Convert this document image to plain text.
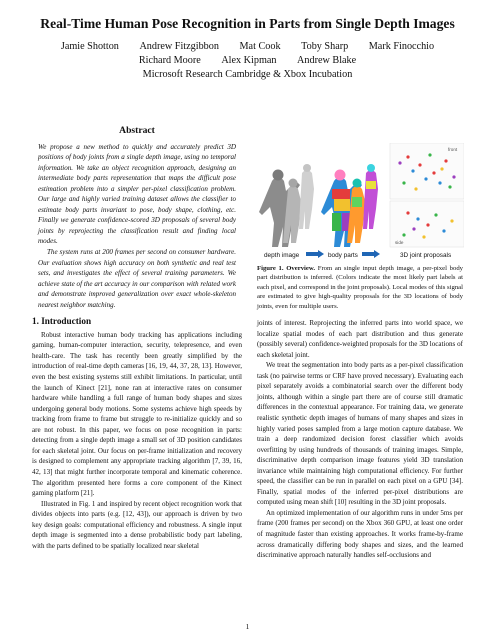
Real-Time Human Pose Recognition in Parts from Single Depth Images
Jamie Shotton Andrew Fitzgibbon Mat Cook Toby Sharp Mark Finocchio
Richard Moore Alex Kipman Andrew Blake
Microsoft Research Cambridge & Xbox Incubation
Abstract

We propose a new method to quickly and accurately predict 3D positions of body joints from a single depth image, using no temporal information. We take an object recognition approach, designing an intermediate body parts representation that maps the difficult pose estimation problem into a simpler per-pixel classification problem. Our large and highly varied training dataset allows the classifier to estimate body parts invariant to pose, body shape, clothing, etc. Finally we generate confidence-scored 3D proposals of several body joints by reprojecting the classification result and finding local modes.

The system runs at 200 frames per second on consumer hardware. Our evaluation shows high accuracy on both synthetic and real test sets, and investigates the effect of several training parameters. We achieve state of the art accuracy in our comparison with related work and demonstrate improved generalization over exact whole-skeleton nearest neighbor matching.

1. Introduction

Robust interactive human body tracking has applications including gaming, human-computer interaction, security, telepresence, and even health-care. The task has recently been greatly simplified by the introduction of real-time depth cameras [16, 19, 44, 37, 28, 13]. However, even the best existing systems still exhibit limitations. In particular, until the launch of Kinect [21], none ran at interactive rates on consumer hardware while handling a full range of human body shapes and sizes undergoing general body motions. Some systems achieve high speeds by tracking from frame to frame but struggle to re-initialize quickly and so are not robust. In this paper, we focus on pose recognition in parts: detecting from a single depth image a small set of 3D position candidates for each skeletal joint. Our focus on per-frame initialization and recovery is designed to complement any appropriate tracking algorithm [7, 39, 16, 42, 13] that might further incorporate temporal and kinematic coherence. The algorithm presented here forms a core component of the Kinect gaming platform [21].

Illustrated in Fig. 1 and inspired by recent object recognition work that divides objects into parts (e.g. [12, 43]), our approach is driven by two key design goals: computational efficiency and robustness. A single input depth image is segmented into a dense probabilistic body part labeling, with the parts defined to be spatially localized near skeletal

front
side
depth image	body parts	3D joint proposals

Figure 1. Overview. From an single input depth image, a per-pixel body part distribution is inferred. (Colors indicate the most likely part labels at each pixel, and correspond in the joint proposals). Local modes of this signal are estimated to give high-quality proposals for the 3D locations of body joints, even for multiple users.

joints of interest. Reprojecting the inferred parts into world space, we localize spatial modes of each part distribution and thus generate (possibly several) confidence-weighted proposals for the 3D locations of each skeletal joint.

We treat the segmentation into body parts as a per-pixel classification task (no pairwise terms or CRF have proved necessary). Evaluating each pixel separately avoids a combinatorial search over the different body joints, although within a single part there are of course still dramatic differences in the contextual appearance. For training data, we generate realistic synthetic depth images of humans of many shapes and sizes in highly varied poses sampled from a large motion capture database. We train a deep randomized decision forest classifier which avoids overfitting by using hundreds of thousands of training images. Simple, discriminative depth comparison image features yield 3D translation invariance while maintaining high computational efficiency. For further speed, the classifier can be run in parallel on each pixel on a GPU [34]. Finally, spatial modes of the inferred per-pixel distributions are computed using mean shift [10] resulting in the 3D joint proposals.

An optimized implementation of our algorithm runs in under 5ms per frame (200 frames per second) on the Xbox 360 GPU, at least one order of magnitude faster than existing approaches. It works frame-by-frame across dramatically differing body shapes and sizes, and the learned discriminative approach naturally handles self-occlusions and

1
